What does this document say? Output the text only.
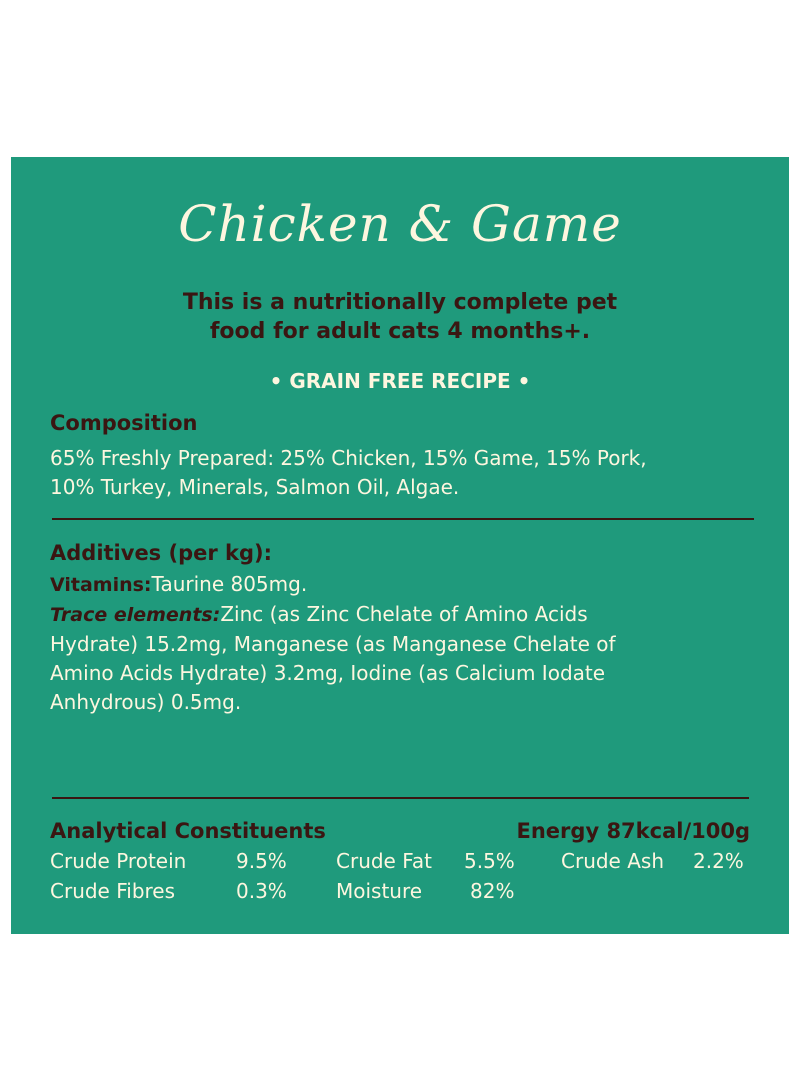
Chicken & Game
This is a nutritionally complete pet
food for adult cats 4 months+.
• GRAIN FREE RECIPE •
Composition
65% Freshly Prepared: 25% Chicken, 15% Game, 15% Pork,
10% Turkey, Minerals, Salmon Oil, Algae.
Additives (per kg):
Vitamins:Taurine 805mg.
Trace elements:Zinc (as Zinc Chelate of Amino Acids
Hydrate) 15.2mg, Manganese (as Manganese Chelate of
Amino Acids Hydrate) 3.2mg, Iodine (as Calcium Iodate
Anhydrous) 0.5mg.
Analytical Constituents	Energy 87kcal/100g
Crude Protein 9.5% Crude Fat 5.5% Crude Ash 2.2%
Crude Fibres	0.3% Moisture 82%
